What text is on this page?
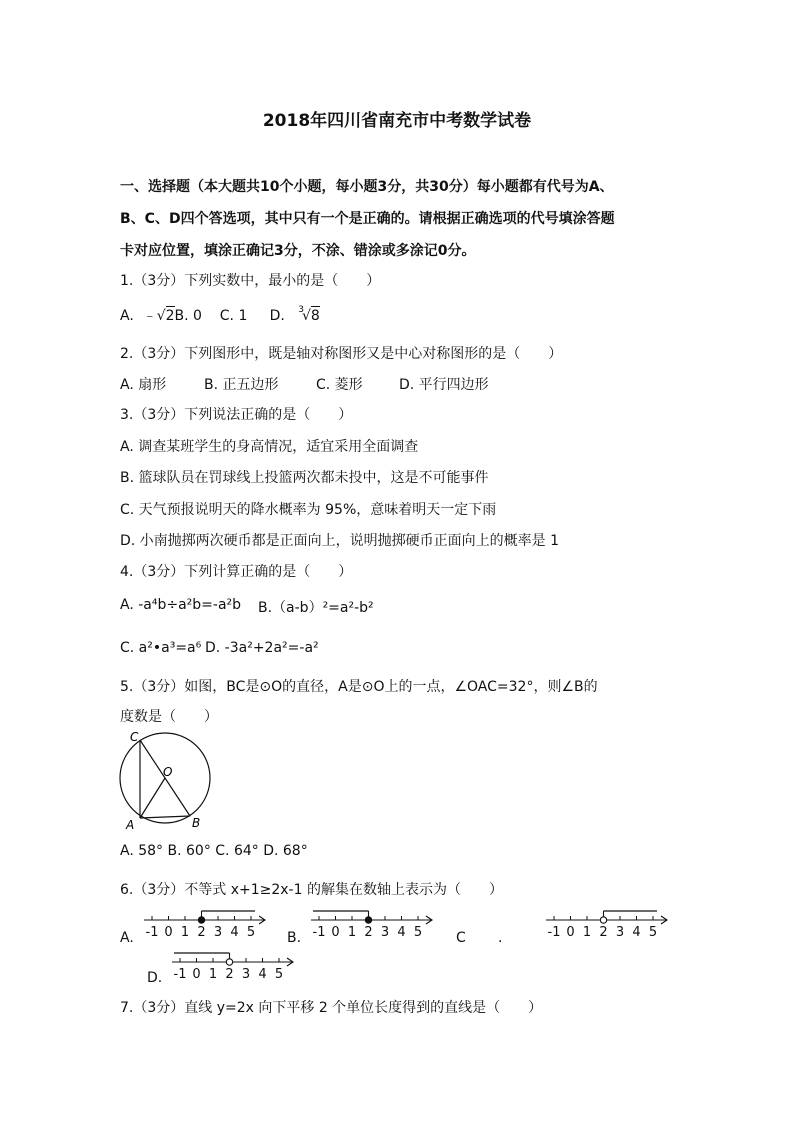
2018年四川省南充市中考数学试卷
一、选择题（本大题共10个小题，每小题3分，共30分）每小题都有代号为A、
B、C、D四个答选项，其中只有一个是正确的。请根据正确选项的代号填涂答题
卡对应位置，填涂正确记3分，不涂、错涂或多涂记0分。
1.（3分）下列实数中，最小的是（　　）
A. ﹣√2B. 0 C. 1 D. $^3$√8
2.（3分）下列图形中，既是轴对称图形又是中心对称图形的是（　　）
A. 扇形	B. 正五边形	C. 菱形	D. 平行四边形
3.（3分）下列说法正确的是（　　）
A. 调查某班学生的身高情况，适宜采用全面调查
B. 篮球队员在罚球线上投篮两次都未投中，这是不可能事件
C. 天气预报说明天的降水概率为 95%，意味着明天一定下雨
D. 小南抛掷两次硬币都是正面向上，说明抛掷硬币正面向上的概率是 1
4.（3分）下列计算正确的是（　　）
A. -a⁴b÷a²b=-a²b B.（a-b）²=a²-b²
C. a²•a³=a⁶ D. -3a²+2a²=-a²
5.（3分）如图，BC是⊙O的直径，A是⊙O上的一点，∠OAC=32°，则∠B的
度数是（　　）
C
O
A	B
A. 58° B. 60° C. 64° D. 68°
6.（3分）不等式 x+1≥2x-1 的解集在数轴上表示为（　　）
A.	B.	C .
D.
-1 0 1 2 3 4 5	-1 0 1 2 3 4 5	-1 0 1 2 3 4 5
-1 0 1 2 3 4 5
7.（3分）直线 y=2x 向下平移 2 个单位长度得到的直线是（　　）
